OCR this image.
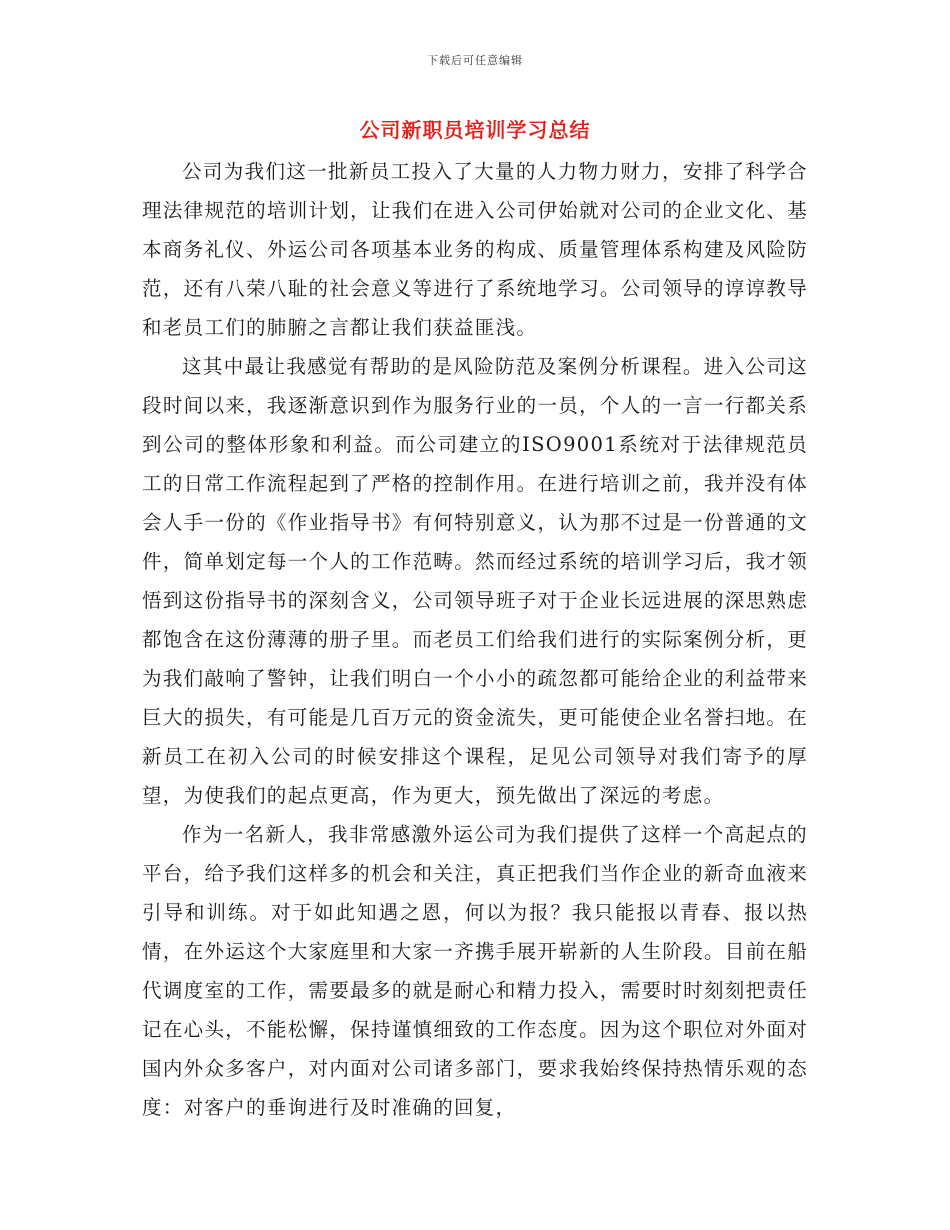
下载后可任意编辑
公司新职员培训学习总结

公司为我们这一批新员工投入了大量的人力物力财力，安排了科学合理法律规范的培训计划，让我们在进入公司伊始就对公司的企业文化、基本商务礼仪、外运公司各项基本业务的构成、质量管理体系构建及风险防范，还有八荣八耻的社会意义等进行了系统地学习。公司领导的谆谆教导和老员工们的肺腑之言都让我们获益匪浅。

这其中最让我感觉有帮助的是风险防范及案例分析课程。进入公司这段时间以来，我逐渐意识到作为服务行业的一员，个人的一言一行都关系到公司的整体形象和利益。而公司建立的ISO9001系统对于法律规范员工的日常工作流程起到了严格的控制作用。在进行培训之前，我并没有体会人手一份的《作业指导书》有何特别意义，认为那不过是一份普通的文件，简单划定每一个人的工作范畴。然而经过系统的培训学习后，我才领悟到这份指导书的深刻含义，公司领导班子对于企业长远进展的深思熟虑都饱含在这份薄薄的册子里。而老员工们给我们进行的实际案例分析，更为我们敲响了警钟，让我们明白一个小小的疏忽都可能给企业的利益带来巨大的损失，有可能是几百万元的资金流失，更可能使企业名誉扫地。在新员工在初入公司的时候安排这个课程，足见公司领导对我们寄予的厚望，为使我们的起点更高，作为更大，预先做出了深远的考虑。

作为一名新人，我非常感激外运公司为我们提供了这样一个高起点的平台，给予我们这样多的机会和关注，真正把我们当作企业的新奇血液来引导和训练。对于如此知遇之恩，何以为报？我只能报以青春、报以热情，在外运这个大家庭里和大家一齐携手展开崭新的人生阶段。目前在船代调度室的工作，需要最多的就是耐心和精力投入，需要时时刻刻把责任记在心头，不能松懈，保持谨慎细致的工作态度。因为这个职位对外面对国内外众多客户，对内面对公司诸多部门，要求我始终保持热情乐观的态度：对客户的垂询进行及时准确的回复，
